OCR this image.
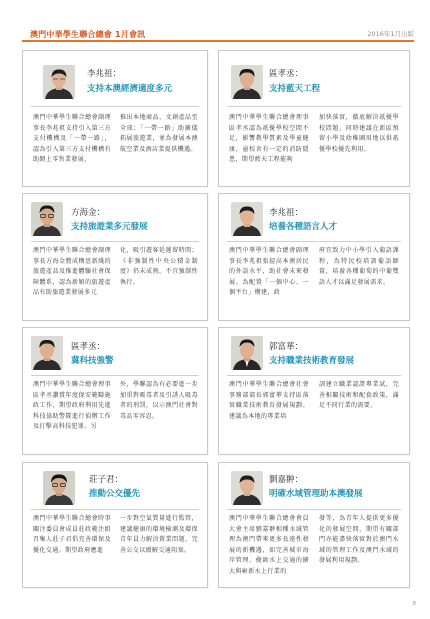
澳門中華學生聯合總會 1月會訊	2016年1月出版
李兆祖：
支持本澳經濟適度多元
澳門中華學生聯合總會副理事長李兆祖支持引入第三方支付機構及「一帶一路」，認為引入第三方支付機構有助網上零售業發展，
推出本地商品、文創產品至全球；「一帶一路」助擴儀拓展旅遊業，並為發展本澳航空業及酒店業提供機遇。
區孝丞：
支持藍天工程
澳門中華學生聯合總會理事區孝丞認為祇優學校空間不足，影響教學質素及學童健康，亟校舍有一定的消防隱患，期望藍天工程能夠
加快落實，徹底解決祇優學校問題，同時建議在新區預留小學及幼稚園用地以供祇優學校優先利用。
方海金：
支持旅遊業多元發展
澳門中華學生聯合總會副理事長方海金贊成構思新綫的旅遊產品及推進體驗社會保障體系，認為新穎的旅遊產品有助旅遊業發展多元
化，吸引遊客延遲留時間；《非強制性中央公積金制度》仍未成熟，不宜強制性執行。
李兆祖：
培養各種語言人才
澳門中華學生聯合總會副理事長李兆祖張提高本澳居民的外語水平，助社會未來發展。為配置「一個中心、一個平台」構建，政
府宜致力中小學引入葡語課程，為特民校培訓葡語師資，培養各種葡萄的中葡雙語人才以滿足發展需求。
區孝丞：
冀科技強警
澳門中華學生聯合總會理事區孝丞讚賞年度保安範疇施政工作，期望政府利用先進科技協助警隊進行偵辦工作及打擊高科技犯罪。另
外，學聯認為有必要進一步加重對吸毒者及引誘人吸毒者的刑罰，以示澳門社會對毒品零容忍。
郭富華：
支持職業技術教育發展
澳門中華學生聯合總會社會事務部部長郭富華支持區落實職業技術教育發展規劃。建議為本地的專業培
訓建立職業認證專業試，完善相關技術和配套政策，滿足不同行業的需要。
莊子君：
推動公交優先
澳門中華學生聯合總會時事關注委員會成員莊政範注組召集人莊子君倡充善環保及優化交通。期望政府應進
一步對空氣質量進行監管，建議健康的環境檢測及環保青年員力解決置業問題，完善公交以緩解交通阻塞。
劉嘉翀：
明確水域管理助本澳發展
澳門中華學生聯合總會會員大會主席劉嘉翀相種水域管理為澳門帶來更多長遠性發展的新機遇，如完善城市海岸管理、優級水上交通的擴大與嶄新水上行業的
發等，為青年人提供更多優化的發展空間，期望有關部門亦能盡快落實對於澳門水域的管理工作及澳門水域的發展利用規劃。
8
